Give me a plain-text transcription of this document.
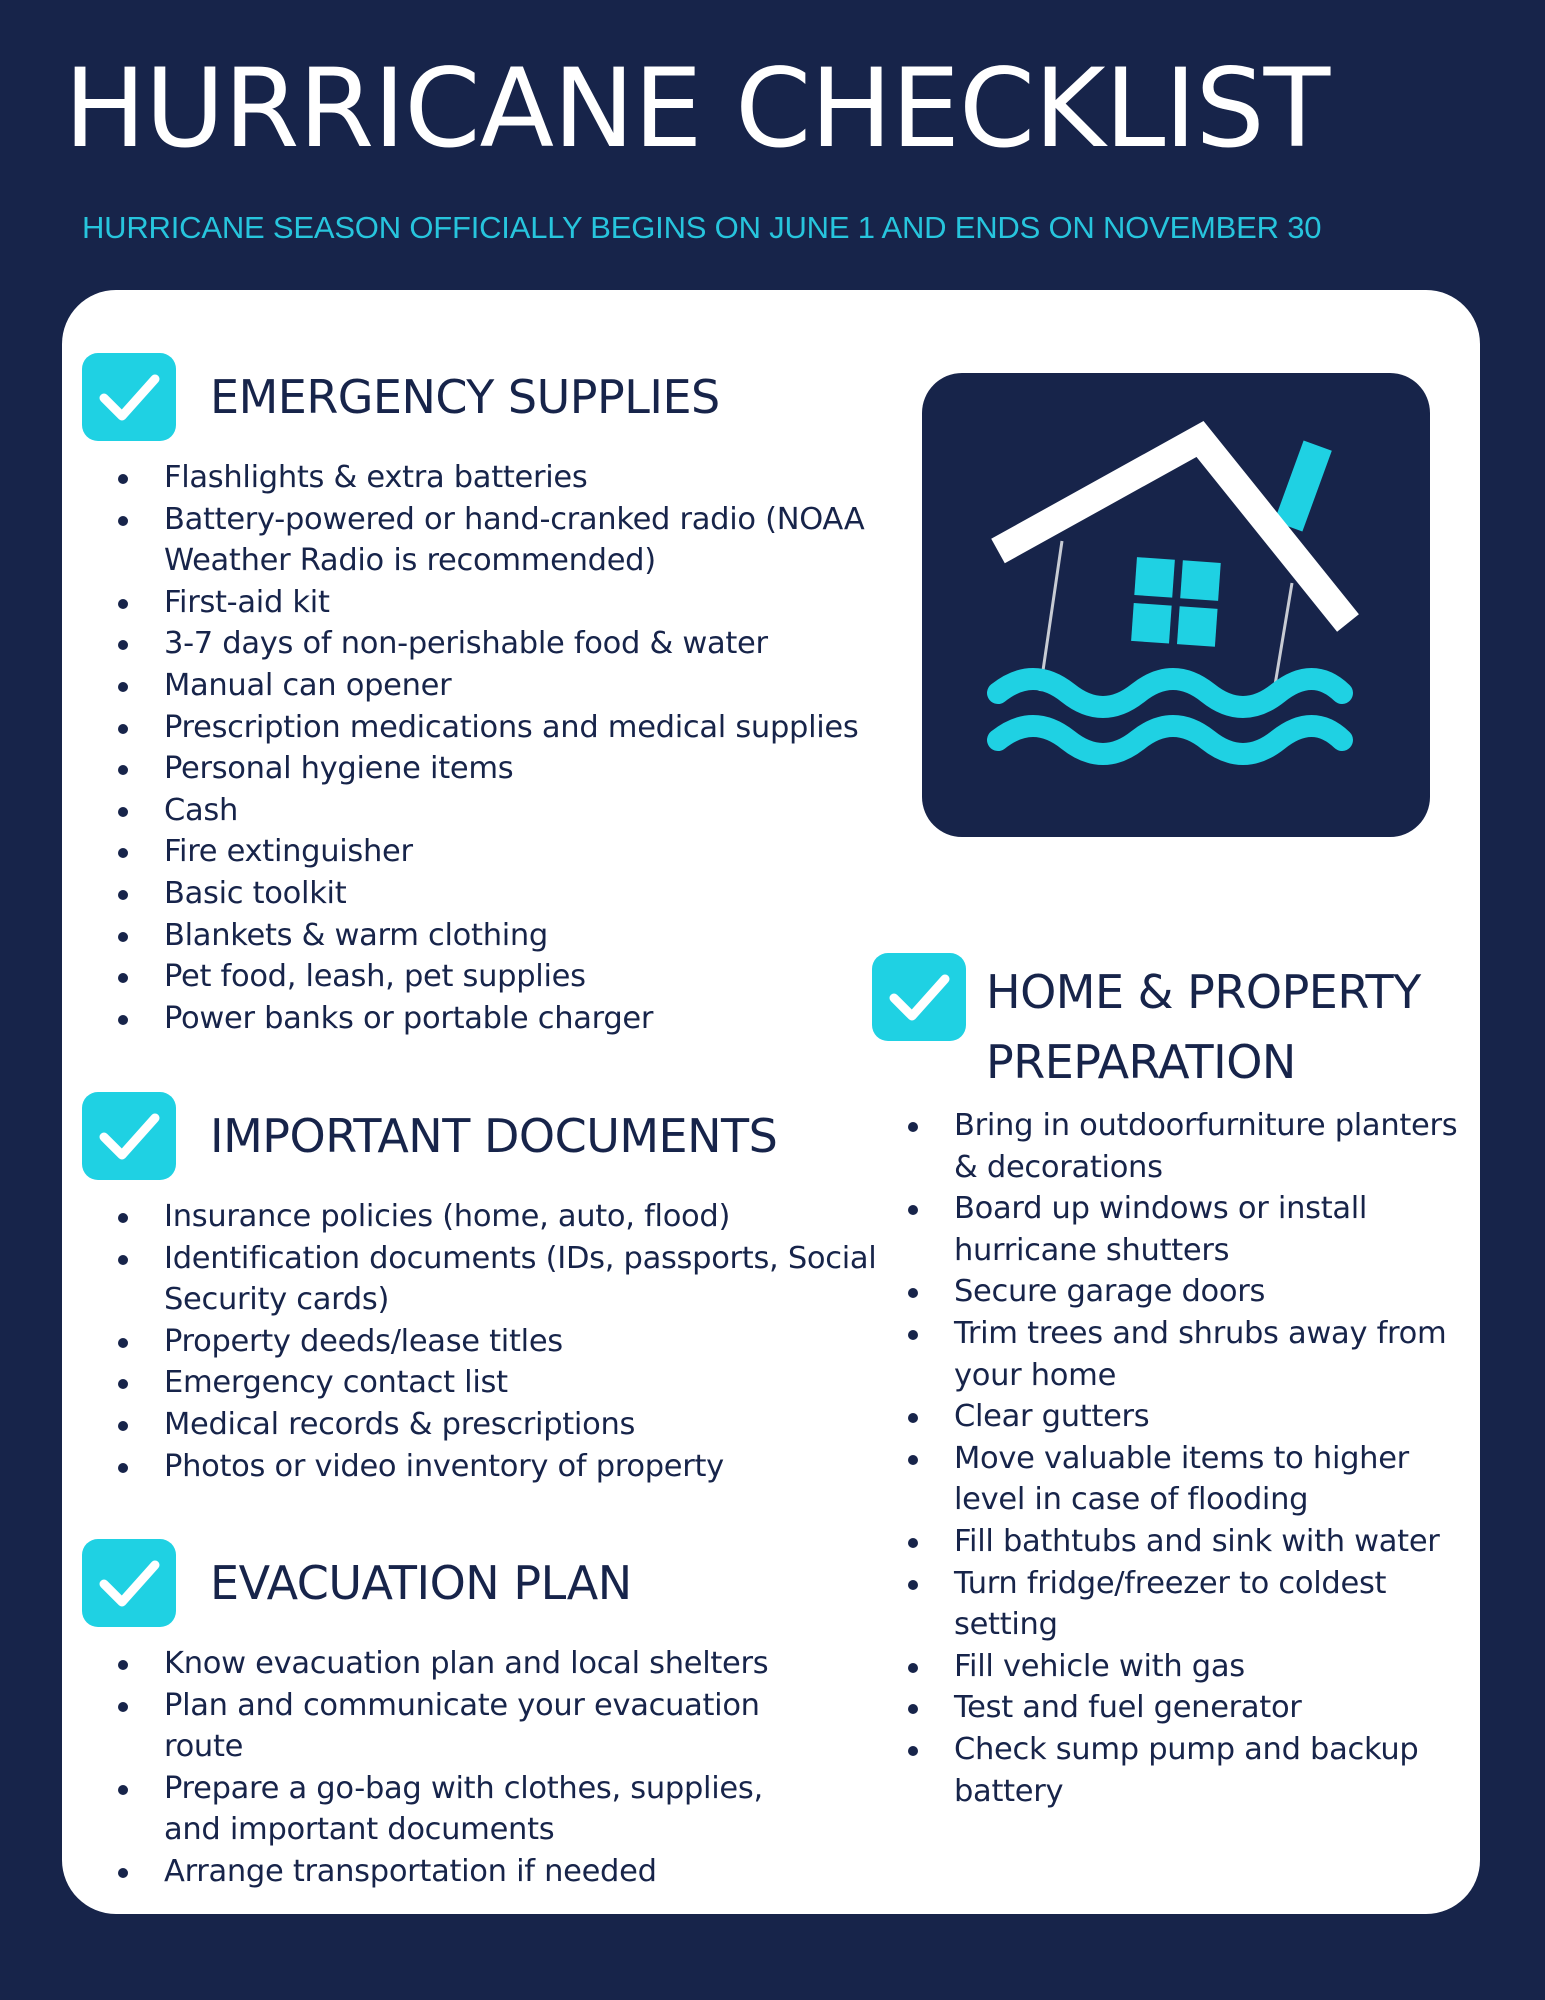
HURRICANE CHECKLIST
HURRICANE SEASON OFFICIALLY BEGINS ON JUNE 1 AND ENDS ON NOVEMBER 30
EMERGENCY SUPPLIES
Flashlights & extra batteries
Battery-powered or hand-cranked radio (NOAA Weather Radio is recommended)
First-aid kit
3-7 days of non-perishable food & water
Manual can opener
Prescription medications and medical supplies
Personal hygiene items
Cash
Fire extinguisher
Basic toolkit
Blankets & warm clothing
Pet food, leash, pet supplies
Power banks or portable charger
IMPORTANT DOCUMENTS
Insurance policies (home, auto, flood)
Identification documents (IDs, passports, Social Security cards)
Property deeds/lease titles
Emergency contact list
Medical records & prescriptions
Photos or video inventory of property
EVACUATION PLAN
Know evacuation plan and local shelters
Plan and communicate your evacuation route
Prepare a go-bag with clothes, supplies, and important documents
Arrange transportation if needed
HOME & PROPERTY PREPARATION
Bring in outdoorfurniture planters & decorations
Board up windows or install hurricane shutters
Secure garage doors
Trim trees and shrubs away from your home
Clear gutters
Move valuable items to higher level in case of flooding
Fill bathtubs and sink with water
Turn fridge/freezer to coldest setting
Fill vehicle with gas
Test and fuel generator
Check sump pump and backup battery
